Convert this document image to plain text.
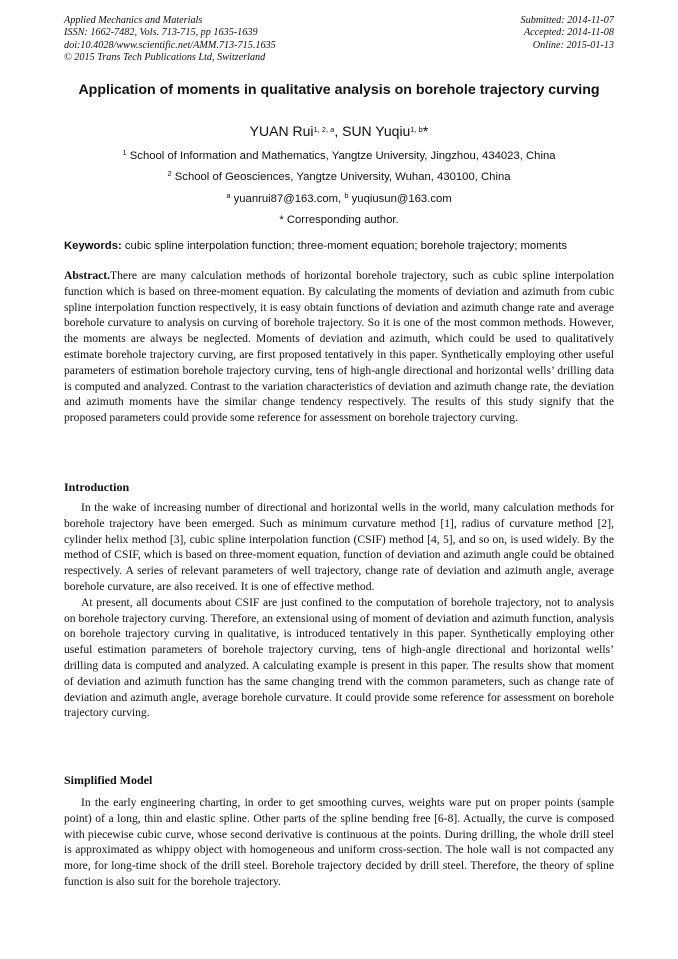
Applied Mechanics and Materials
ISSN: 1662-7482, Vols. 713-715, pp 1635-1639
doi:10.4028/www.scientific.net/AMM.713-715.1635
© 2015 Trans Tech Publications Ltd, Switzerland
Submitted: 2014-11-07
Accepted: 2014-11-08
Online: 2015-01-13
Application of moments in qualitative analysis on borehole trajectory curving
YUAN Rui$^{1, 2, a}$, SUN Yuqiu$^{1, b}$*
$^1$ School of Information and Mathematics, Yangtze University, Jingzhou, 434023, China
$^2$ School of Geosciences, Yangtze University, Wuhan, 430100, China
$^a$ yuanrui87@163.com, $^b$ yuqiusun@163.com
* Corresponding author.
Keywords: cubic spline interpolation function; three-moment equation; borehole trajectory; moments

Abstract.There are many calculation methods of horizontal borehole trajectory, such as cubic spline interpolation function which is based on three-moment equation. By calculating the moments of deviation and azimuth from cubic spline interpolation function respectively, it is easy obtain functions of deviation and azimuth change rate and average borehole curvature to analysis on curving of borehole trajectory. So it is one of the most common methods. However, the moments are always be neglected. Moments of deviation and azimuth, which could be used to qualitatively estimate borehole trajectory curving, are first proposed tentatively in this paper. Synthetically employing other useful parameters of estimation borehole trajectory curving, tens of high-angle directional and horizontal wells’ drilling data is computed and analyzed. Contrast to the variation characteristics of deviation and azimuth change rate, the deviation and azimuth moments have the similar change tendency respectively. The results of this study signify that the proposed parameters could provide some reference for assessment on borehole trajectory curving.

Introduction

In the wake of increasing number of directional and horizontal wells in the world, many calculation methods for borehole trajectory have been emerged. Such as minimum curvature method [1], radius of curvature method [2], cylinder helix method [3], cubic spline interpolation function (CSIF) method [4, 5], and so on, is used widely. By the method of CSIF, which is based on three-moment equation, function of deviation and azimuth angle could be obtained respectively. A series of relevant parameters of well trajectory, change rate of deviation and azimuth angle, average borehole curvature, are also received. It is one of effective method.

At present, all documents about CSIF are just confined to the computation of borehole trajectory, not to analysis on borehole trajectory curving. Therefore, an extensional using of moment of deviation and azimuth function, analysis on borehole trajectory curving in qualitative, is introduced tentatively in this paper. Synthetically employing other useful estimation parameters of borehole trajectory curving, tens of high-angle directional and horizontal wells’ drilling data is computed and analyzed. A calculating example is present in this paper. The results show that moment of deviation and azimuth function has the same changing trend with the common parameters, such as change rate of deviation and azimuth angle, average borehole curvature. It could provide some reference for assessment on borehole trajectory curving.

Simplified Model

In the early engineering charting, in order to get smoothing curves, weights ware put on proper points (sample point) of a long, thin and elastic spline. Other parts of the spline bending free [6-8]. Actually, the curve is composed with piecewise cubic curve, whose second derivative is continuous at the points. During drilling, the whole drill steel is approximated as whippy object with homogeneous and uniform cross-section. The hole wall is not compacted any more, for long-time shock of the drill steel. Borehole trajectory decided by drill steel. Therefore, the theory of spline function is also suit for the borehole trajectory.
